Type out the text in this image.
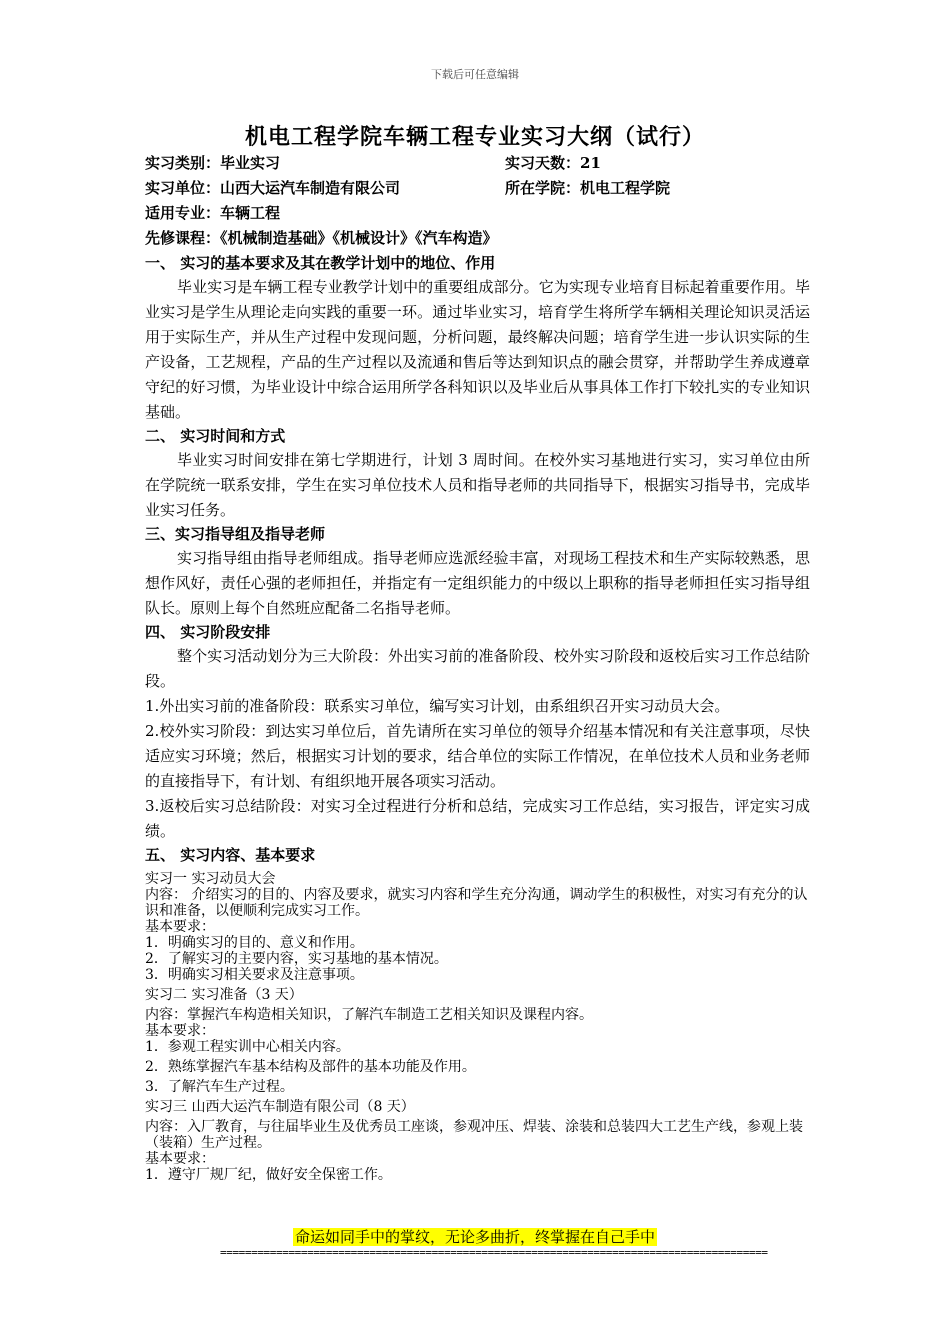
下载后可任意编辑
机电工程学院车辆工程专业实习大纲（试行）
实习类别：毕业实习	实习天数：21
实习单位：山西大运汽车制造有限公司	所在学院：机电工程学院
适用专业：车辆工程
先修课程：《机械制造基础》《机械设计》《汽车构造》

一、 实习的基本要求及其在教学计划中的地位、作用

毕业实习是车辆工程专业教学计划中的重要组成部分。它为实现专业培育目标起着重要作用。毕业实习是学生从理论走向实践的重要一环。通过毕业实习，培育学生将所学车辆相关理论知识灵活运用于实际生产，并从生产过程中发现问题，分析问题，最终解决问题；培育学生进一步认识实际的生产设备，工艺规程，产品的生产过程以及流通和售后等达到知识点的融会贯穿，并帮助学生养成遵章守纪的好习惯，为毕业设计中综合运用所学各科知识以及毕业后从事具体工作打下较扎实的专业知识基础。

二、 实习时间和方式

毕业实习时间安排在第七学期进行，计划 3 周时间。在校外实习基地进行实习，实习单位由所在学院统一联系安排，学生在实习单位技术人员和指导老师的共同指导下，根据实习指导书，完成毕业实习任务。

三、实习指导组及指导老师

实习指导组由指导老师组成。指导老师应选派经验丰富，对现场工程技术和生产实际较熟悉，思想作风好，责任心强的老师担任，并指定有一定组织能力的中级以上职称的指导老师担任实习指导组队长。原则上每个自然班应配备二名指导老师。

四、 实习阶段安排

整个实习活动划分为三大阶段：外出实习前的准备阶段、校外实习阶段和返校后实习工作总结阶段。

1.外出实习前的准备阶段：联系实习单位，编写实习计划，由系组织召开实习动员大会。

2.校外实习阶段：到达实习单位后，首先请所在实习单位的领导介绍基本情况和有关注意事项，尽快适应实习环境；然后，根据实习计划的要求，结合单位的实际工作情况，在单位技术人员和业务老师的直接指导下，有计划、有组织地开展各项实习活动。

3.返校后实习总结阶段：对实习全过程进行分析和总结，完成实习工作总结，实习报告，评定实习成绩。

五、 实习内容、基本要求

实习一 实习动员大会

内容： 介绍实习的目的、内容及要求，就实习内容和学生充分沟通，调动学生的积极性，对实习有充分的认识和准备，以便顺利完成实习工作。

基本要求：

1．明确实习的目的、意义和作用。

2．了解实习的主要内容，实习基地的基本情况。

3．明确实习相关要求及注意事项。

实习二 实习准备（3 天）

内容：掌握汽车构造相关知识，了解汽车制造工艺相关知识及课程内容。

基本要求：

1．参观工程实训中心相关内容。

2．熟练掌握汽车基本结构及部件的基本功能及作用。

3．了解汽车生产过程。

实习三 山西大运汽车制造有限公司（8 天）

内容：入厂教育，与往届毕业生及优秀员工座谈，参观冲压、焊装、涂装和总装四大工艺生产线，参观上装（装箱）生产过程。

基本要求：

1．遵守厂规厂纪，做好安全保密工作。

命运如同手中的掌纹，无论多曲折，终掌握在自己手中
========================================================================================
